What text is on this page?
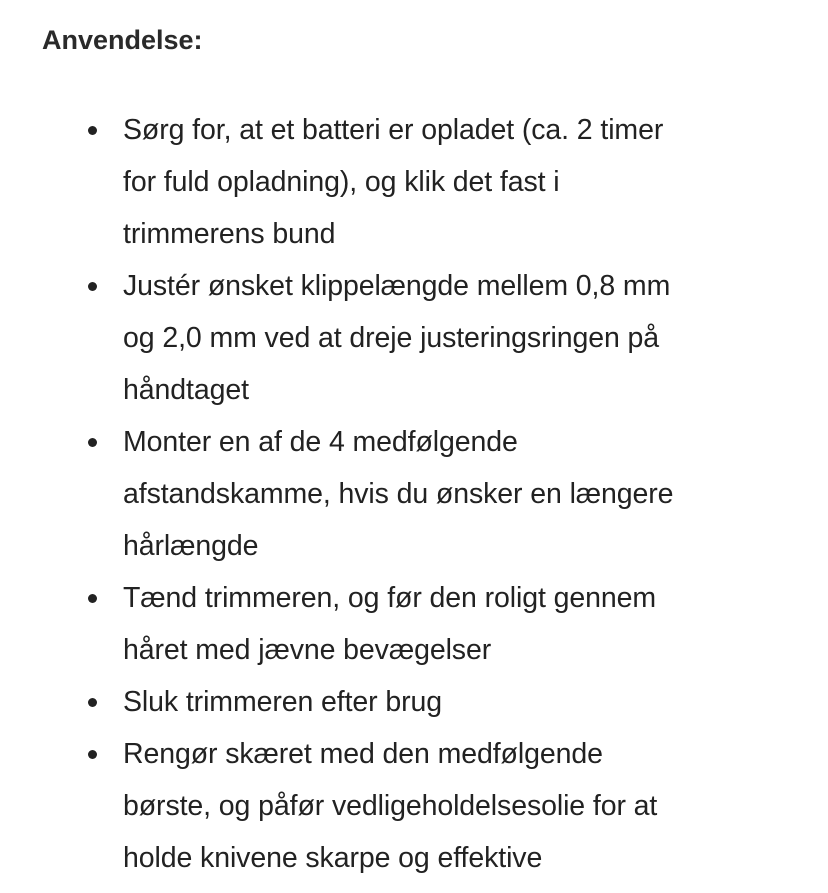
Anvendelse:
Sørg for, at et batteri er opladet (ca. 2 timer
for fuld opladning), og klik det fast i
trimmerens bund
Justér ønsket klippelængde mellem 0,8 mm
og 2,0 mm ved at dreje justeringsringen på
håndtaget
Monter en af de 4 medfølgende
afstandskamme, hvis du ønsker en længere
hårlængde
Tænd trimmeren, og før den roligt gennem
håret med jævne bevægelser
Sluk trimmeren efter brug
Rengør skæret med den medfølgende
børste, og påfør vedligeholdelsesolie for at
holde knivene skarpe og effektive
